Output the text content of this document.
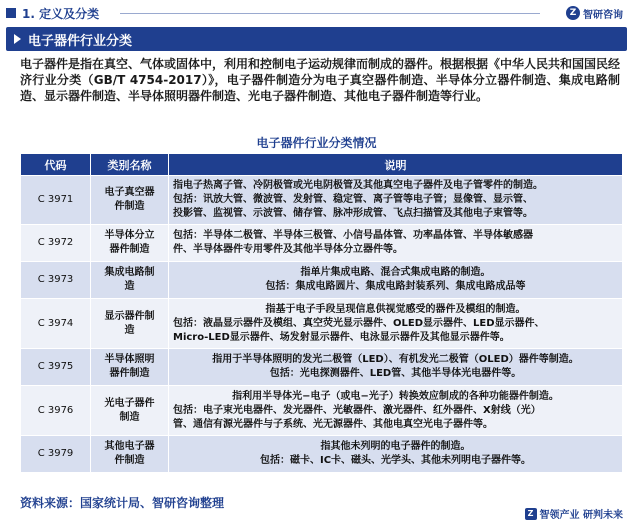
1. 定义及分类	Z 智研咨询
电子器件行业分类

电子器件是指在真空、气体或固体中，利用和控制电子运动规律而制成的器件。根据根据《中华人民共和国国民经济行业分类（GB/T 4754-2017）》，电子器件制造分为电子真空器件制造、半导体分立器件制造、集成电路制造、显示器件制造、半导体照明器件制造、光电子器件制造、其他电子器件制造等行业。

电子器件行业分类情况
代码	类别名称	说明
C 3971	电子真空器
件制造	指电子热离子管、冷阴极管或光电阴极管及其他真空电子器件及电子管零件的制造。
包括：讯放大管、微波管、发射管、稳定管、离子管等电子管；显像管、显示管、
投影管、监视管、示波管、储存管、脉冲形成管、飞点扫描管及其他电子束管等。

C 3972	半导体分立
器件制造	包括：半导体二极管、半导体三极管、小信号晶体管、功率晶体管、半导体敏感器
件、半导体器件专用零件及其他半导体分立器件等。

C 3973	集成电路制
造	指单片集成电路、混合式集成电路的制造。
包括：集成电路圆片、集成电路封装系列、集成电路成品等

C 3974	显示器件制
造	指基于电子手段呈现信息供视觉感受的器件及模组的制造。
包括：液晶显示器件及模组、真空荧光显示器件、OLED显示器件、LED显示器件、
Micro-LED显示器件、场发射显示器件、电泳显示器件及其他显示器件等。

C 3975	半导体照明
器件制造	指用于半导体照明的发光二极管（LED）、有机发光二极管（OLED）器件等制造。
包括：光电探测器件、LED管、其他半导体光电器件等。

C 3976	光电子器件
制造	指利用半导体光−电子（或电−光子）转换效应制成的各种功能器件制造。
包括：电子束光电器件、发光器件、光敏器件、激光器件、红外器件、X射线（光）
管、通信有源光器件与子系统、光无源器件、其他电真空光电子器件等。

C 3979	其他电子器
件制造	指其他未列明的电子器件的制造。
包括：磁卡、IC卡、磁头、光学头、其他未列明电子器件等。
资料来源：国家统计局、智研咨询整理
Z 智领产业 研判未来
